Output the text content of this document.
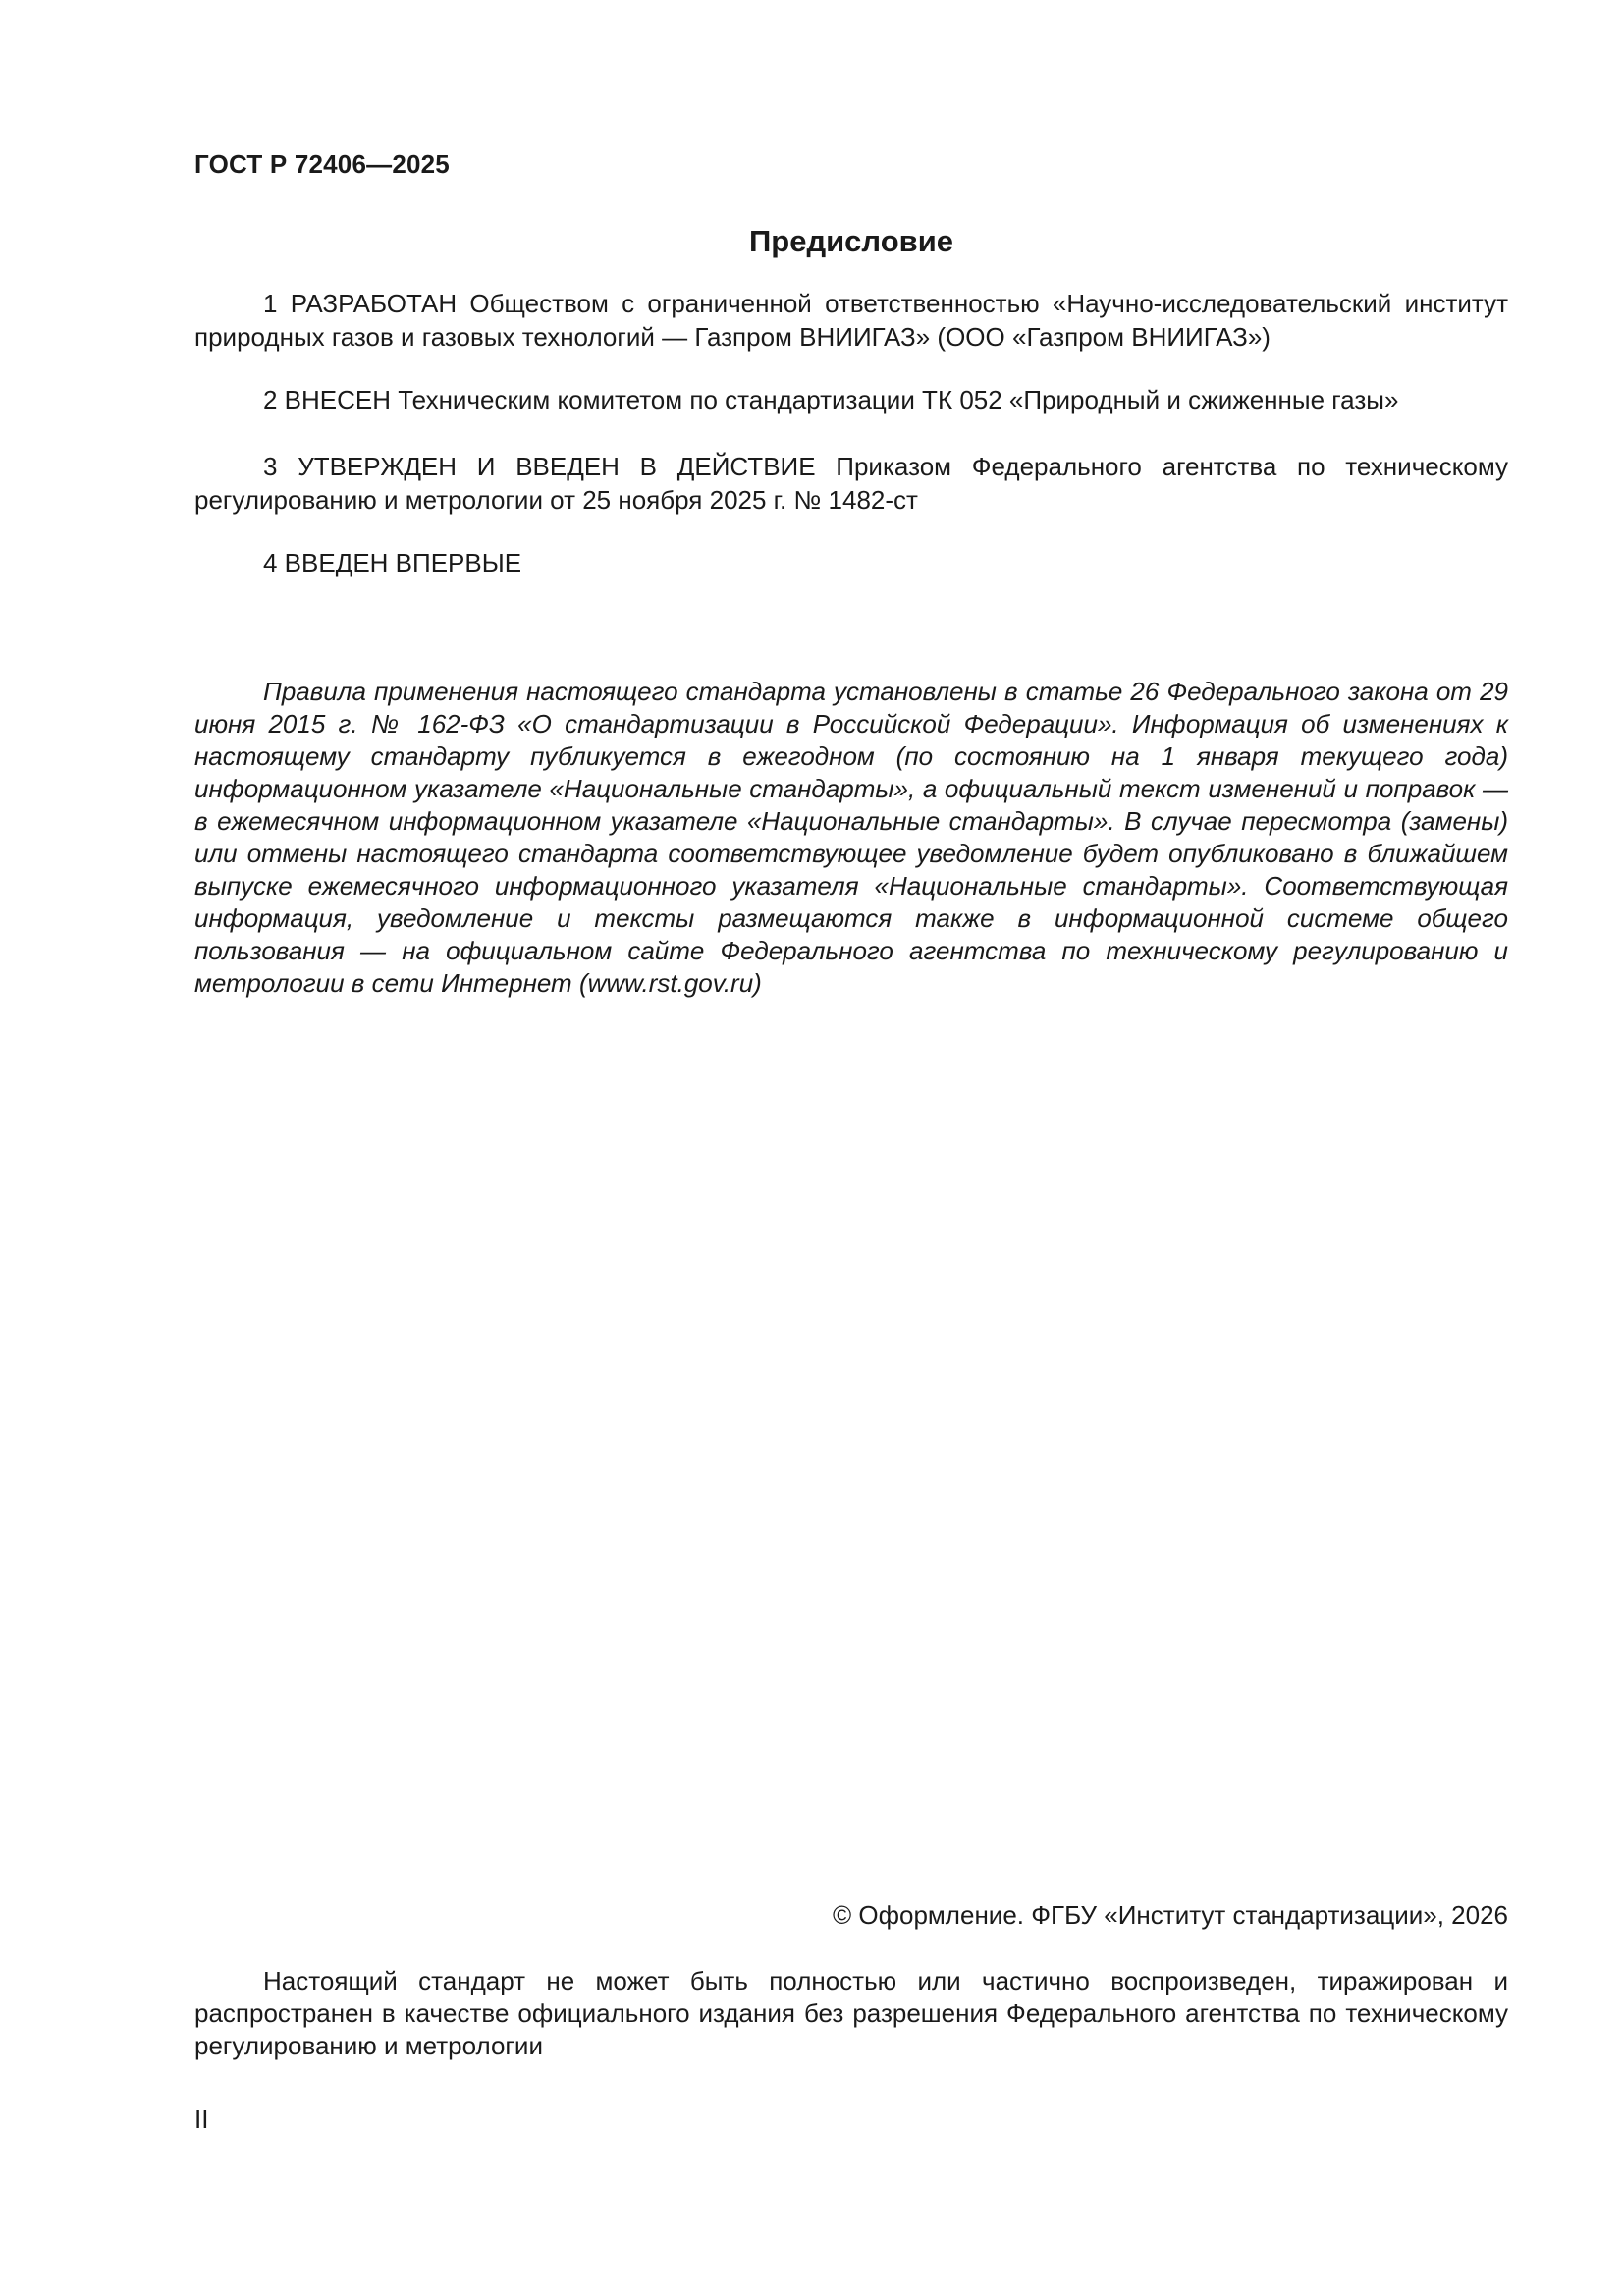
ГОСТ Р 72406—2025

Предисловие

1 РАЗРАБОТАН Обществом с ограниченной ответственностью «Научно-исследовательский институт природных газов и газовых технологий — Газпром ВНИИГАЗ» (ООО «Газпром ВНИИГАЗ»)

2 ВНЕСЕН Техническим комитетом по стандартизации ТК 052 «Природный и сжиженные газы»

3 УТВЕРЖДЕН И ВВЕДЕН В ДЕЙСТВИЕ Приказом Федерального агентства по техническому регулированию и метрологии от 25 ноября 2025 г. № 1482-ст

4 ВВЕДЕН ВПЕРВЫЕ

Правила применения настоящего стандарта установлены в статье 26 Федерального закона от 29 июня 2015 г. № 162-ФЗ «О стандартизации в Российской Федерации». Информация об изменениях к настоящему стандарту публикуется в ежегодном (по состоянию на 1 января текущего года) информационном указателе «Национальные стандарты», а официальный текст изменений и поправок — в ежемесячном информационном указателе «Национальные стандарты». В случае пересмотра (замены) или отмены настоящего стандарта соответствующее уведомление будет опубликовано в ближайшем выпуске ежемесячного информационного указателя «Национальные стандарты». Соответствующая информация, уведомление и тексты размещаются также в информационной системе общего пользования — на официальном сайте Федерального агентства по техническому регулированию и метрологии в сети Интернет (www.rst.gov.ru)

© Оформление. ФГБУ «Институт стандартизации», 2026

Настоящий стандарт не может быть полностью или частично воспроизведен, тиражирован и распространен в качестве официального издания без разрешения Федерального агентства по техническому регулированию и метрологии

II
